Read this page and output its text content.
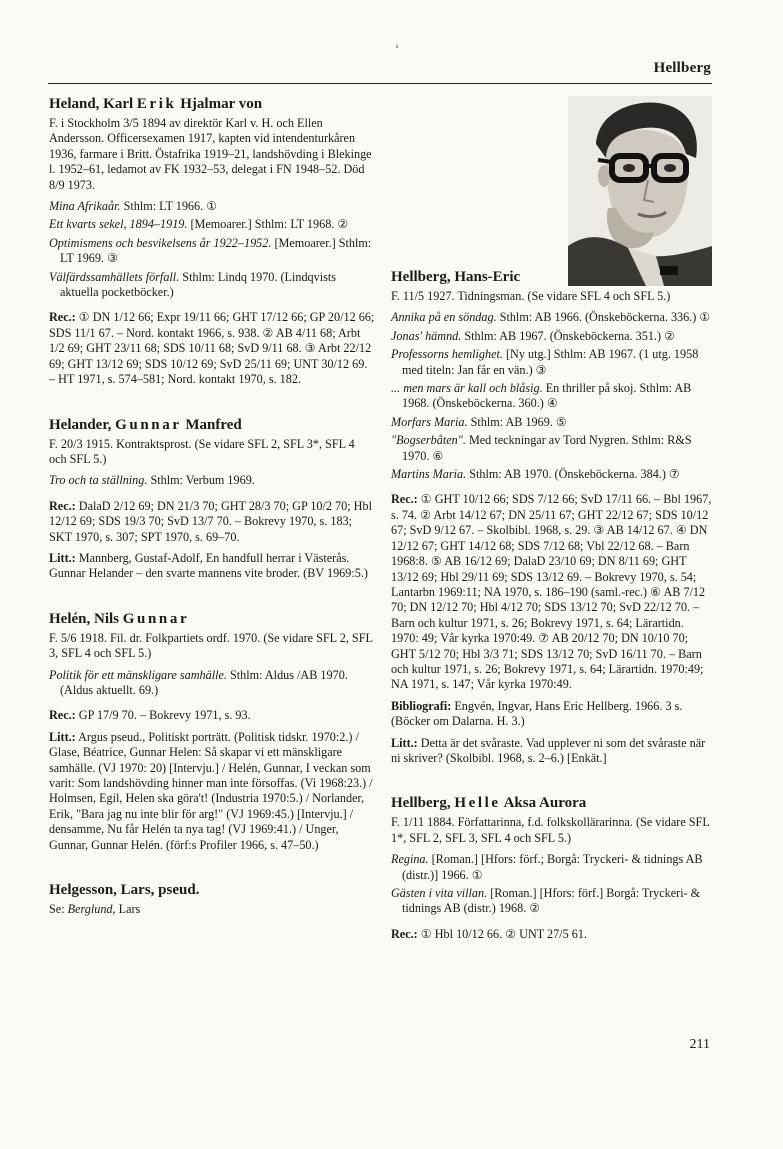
❛
Hellberg
Heland, Karl Erik Hjalmar von

F. i Stockholm 3/5 1894 av direktör Karl v. H. och Ellen Andersson. Officersexamen 1917, kapten vid intendenturkåren 1936, farmare i Britt. Östafrika 1919–21, landshövding i Blekinge l. 1952–61, ledamot av FK 1932–53, delegat i FN 1948–52. Död 8/9 1973.

Mina Afrikaår. Sthlm: LT 1966. ①
Ett kvarts sekel, 1894–1919. [Memoarer.] Sthlm: LT 1968. ②
Optimismens och besvikelsens år 1922–1952. [Memoarer.] Sthlm: LT 1969. ③
Välfärdssamhällets förfall. Sthlm: Lindq 1970. (Lindqvists aktuella pocketböcker.)

Rec.: ① DN 1/12 66; Expr 19/11 66; GHT 17/12 66; GP 20/12 66; SDS 11/1 67. – Nord. kontakt 1966, s. 938. ② AB 4/11 68; Arbt 1/2 69; GHT 23/11 68; SDS 10/11 68; SvD 9/11 68. ③ Arbt 22/12 69; GHT 13/12 69; SDS 10/12 69; SvD 25/11 69; UNT 30/12 69. – HT 1971, s. 574–581; Nord. kontakt 1970, s. 182.

Helander, Gunnar Manfred

F. 20/3 1915. Kontraktsprost. (Se vidare SFL 2, SFL 3*, SFL 4 och SFL 5.)

Tro och ta ställning. Sthlm: Verbum 1969.

Rec.: DalaD 2/12 69; DN 21/3 70; GHT 28/3 70; GP 10/2 70; Hbl 12/12 69; SDS 19/3 70; SvD 13/7 70. – Bokrevy 1970, s. 183; SKT 1970, s. 307; SPT 1970, s. 69–70.

Litt.: Mannberg, Gustaf-Adolf, En handfull herrar i Västerås. Gunnar Helander – den svarte mannens vite broder. (BV 1969:5.)

Helén, Nils Gunnar

F. 5/6 1918. Fil. dr. Folkpartiets ordf. 1970. (Se vidare SFL 2, SFL 3, SFL 4 och SFL 5.)

Politik för ett mänskligare samhälle. Sthlm: Aldus /AB 1970. (Aldus aktuellt. 69.)

Rec.: GP 17/9 70. – Bokrevy 1971, s. 93.

Litt.: Argus pseud., Politiskt porträtt. (Politisk tidskr. 1970:2.) / Glase, Béatrice, Gunnar Helen: Så skapar vi ett mänskligare samhälle. (VJ 1970: 20) [Intervju.] / Helén, Gunnar, I veckan som varit: Som landshövding hinner man inte försoffas. (Vi 1968:23.) / Holmsen, Egil, Helen ska göra't! (Industria 1970:5.) / Norlander, Erik, "Bara jag nu inte blir för arg!" (VJ 1969:45.) [Intervju.] / densamme, Nu får Helén ta nya tag! (VJ 1969:41.) / Unger, Gunnar, Gunnar Helén. (förf:s Profiler 1966, s. 47–50.)

Helgesson, Lars, pseud.

Se: Berglund, Lars

Hellberg, Hans-Eric

F. 11/5 1927. Tidningsman. (Se vidare SFL 4 och SFL 5.)

Annika på en söndag. Sthlm: AB 1966. (Önskeböckerna. 336.) ①
Jonas' hämnd. Sthlm: AB 1967. (Önskeböckerna. 351.) ②
Professorns hemlighet. [Ny utg.] Sthlm: AB 1967. (1 utg. 1958 med titeln: Jan får en vän.) ③
... men mars är kall och blåsig. En thriller på skoj. Sthlm: AB 1968. (Önskeböckerna. 360.) ④
Morfars Maria. Sthlm: AB 1969. ⑤
"Bogserbåten". Med teckningar av Tord Nygren. Sthlm: R&S 1970. ⑥
Martins Maria. Sthlm: AB 1970. (Önskeböckerna. 384.) ⑦

Rec.: ① GHT 10/12 66; SDS 7/12 66; SvD 17/11 66. – Bbl 1967, s. 74. ② Arbt 14/12 67; DN 25/11 67; GHT 22/12 67; SDS 10/12 67; SvD 9/12 67. – Skolbibl. 1968, s. 29. ③ AB 14/12 67. ④ DN 12/12 67; GHT 14/12 68; SDS 7/12 68; Vbl 22/12 68. – Barn 1968:8. ⑤ AB 16/12 69; DalaD 23/10 69; DN 8/11 69; GHT 13/12 69; Hbl 29/11 69; SDS 13/12 69. – Bokrevy 1970, s. 54; Lantarbn 1969:11; NA 1970, s. 186–190 (saml.-rec.) ⑥ AB 7/12 70; DN 12/12 70; Hbl 4/12 70; SDS 13/12 70; SvD 22/12 70. – Barn och kultur 1971, s. 26; Bokrevy 1971, s. 64; Lärartidn. 1970: 49; Vår kyrka 1970:49. ⑦ AB 20/12 70; DN 10/10 70; GHT 5/12 70; Hbl 3/3 71; SDS 13/12 70; SvD 16/11 70. – Barn och kultur 1971, s. 26; Bokrevy 1971, s. 64; Lärartidn. 1970:49; NA 1971, s. 147; Vår kyrka 1970:49.

Bibliografi: Engvén, Ingvar, Hans Eric Hellberg. 1966. 3 s. (Böcker om Dalarna. H. 3.)

Litt.: Detta är det svåraste. Vad upplever ni som det svåraste när ni skriver? (Skolbibl. 1968, s. 2–6.) [Enkät.]

Hellberg, Helle Aksa Aurora

F. 1/11 1884. Författarinna, f.d. folkskollärarinna. (Se vidare SFL 1*, SFL 2, SFL 3, SFL 4 och SFL 5.)

Regina. [Roman.] [Hfors: förf.; Borgå: Tryckeri- & tidnings AB (distr.)] 1966. ①
Gästen i vita villan. [Roman.] [Hfors: förf.] Borgå: Tryckeri- & tidnings AB (distr.) 1968. ②

Rec.: ① Hbl 10/12 66. ② UNT 27/5 61.

211
